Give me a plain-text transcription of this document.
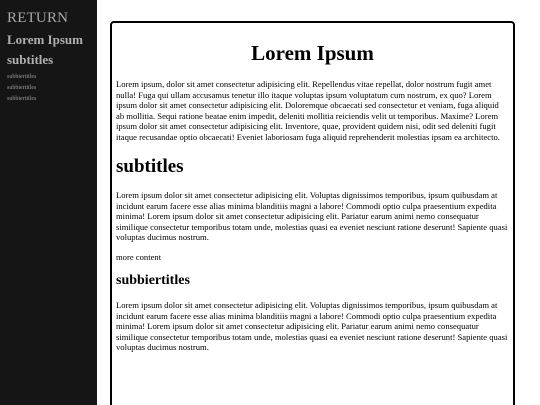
RETURN
Lorem Ipsum
subtitles
subbiertitles
subbiertitles
subbiertitles
Lorem Ipsum

Lorem ipsum, dolor sit amet consectetur adipisicing elit. Repellendus vitae repellat, dolor nostrum fugit amet nulla! Fuga qui ullam accusamus tenetur illo itaque voluptas ipsum voluptatum cum nostrum, ex quo? Lorem ipsum dolor sit amet consectetur adipisicing elit. Doloremque obcaecati sed consectetur et veniam, fuga aliquid ab mollitia. Sequi ratione beatae enim impedit, deleniti mollitia reiciendis velit ut temporibus. Maxime? Lorem ipsum dolor sit amet consectetur adipisicing elit. Inventore, quae, provident quidem nisi, odit sed deleniti fugit itaque recusandae optio obcaecati! Eveniet laboriosam fuga aliquid reprehenderit molestias ipsam ea architecto.

subtitles

Lorem ipsum dolor sit amet consectetur adipisicing elit. Voluptas dignissimos temporibus, ipsum quibusdam at incidunt earum facere esse alias minima blanditiis magni a labore! Commodi optio culpa praesentium expedita minima! Lorem ipsum dolor sit amet consectetur adipisicing elit. Pariatur earum animi nemo consequatur similique consectetur temporibus totam unde, molestias quasi ea eveniet nesciunt ratione deserunt! Sapiente quasi voluptas ducimus nostrum.

more content

subbiertitles

Lorem ipsum dolor sit amet consectetur adipisicing elit. Voluptas dignissimos temporibus, ipsum quibusdam at incidunt earum facere esse alias minima blanditiis magni a labore! Commodi optio culpa praesentium expedita minima! Lorem ipsum dolor sit amet consectetur adipisicing elit. Pariatur earum animi nemo consequatur similique consectetur temporibus totam unde, molestias quasi ea eveniet nesciunt ratione deserunt! Sapiente quasi voluptas ducimus nostrum.
